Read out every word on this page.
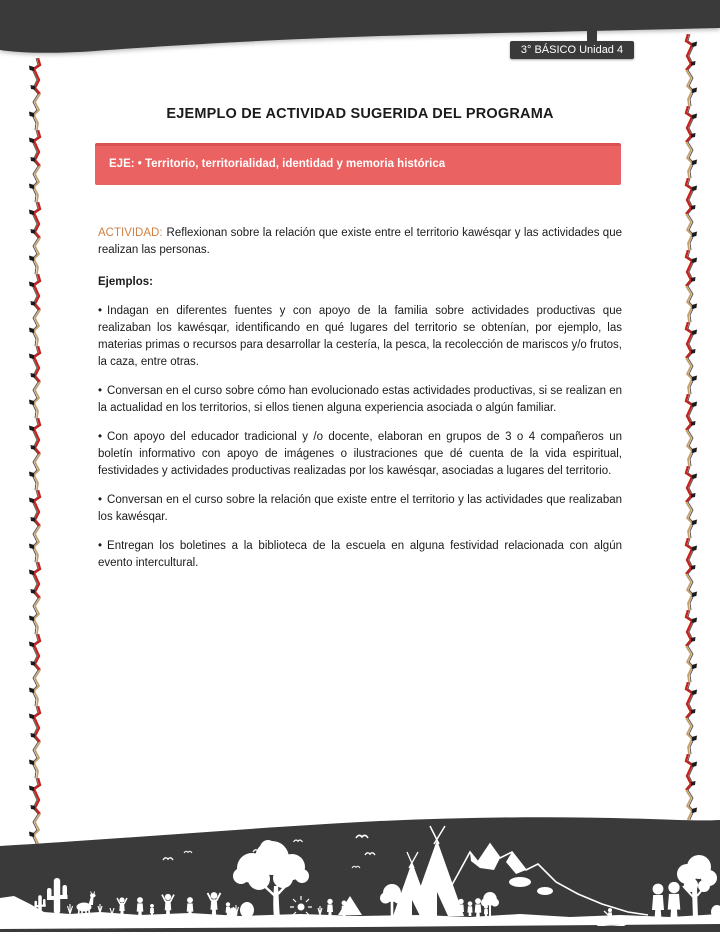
3° BÁSICO Unidad 4
EJEMPLO DE ACTIVIDAD SUGERIDA DEL PROGRAMA
EJE: • Territorio, territorialidad, identidad y memoria histórica

ACTIVIDAD: Reflexionan sobre la relación que existe entre el territorio kawésqar y las actividades que realizan las personas.

Ejemplos:

• Indagan en diferentes fuentes y con apoyo de la familia sobre actividades productivas que realizaban los kawésqar, identificando en qué lugares del territorio se obtenían, por ejemplo, las materias primas o recursos para desarrollar la cestería, la pesca, la recolección de mariscos y/o frutos, la caza, entre otras.
• Conversan en el curso sobre cómo han evolucionado estas actividades productivas, si se realizan en la actualidad en los territorios, si ellos tienen alguna experiencia asociada o algún familiar.
• Con apoyo del educador tradicional y /o docente, elaboran en grupos de 3 o 4 compañeros un boletín informativo con apoyo de imágenes o ilustraciones que dé cuenta de la vida espiritual, festividades y actividades productivas realizadas por los kawésqar, asociadas a lugares del territorio.
• Conversan en el curso sobre la relación que existe entre el territorio y las actividades que realizaban los kawésqar.
• Entregan los boletines a la biblioteca de la escuela en alguna festividad relacionada con algún evento intercultural.
